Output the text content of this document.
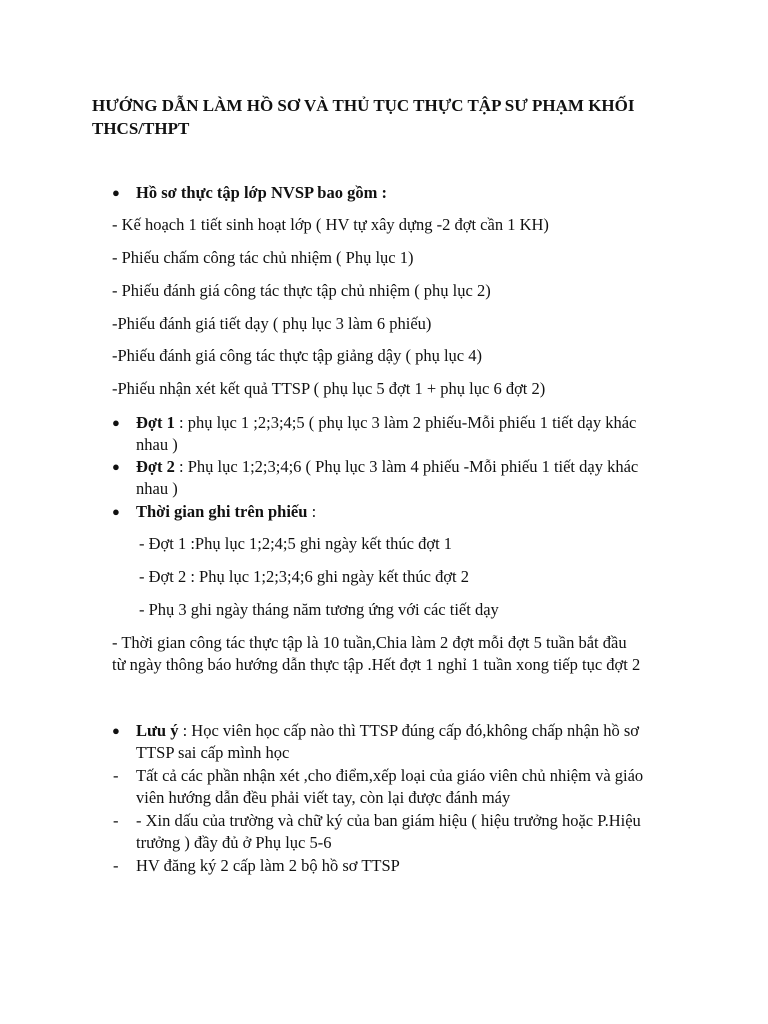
HƯỚNG DẪN LÀM HỒ SƠ VÀ THỦ TỤC THỰC TẬP SƯ PHẠM KHỐI
THCS/THPT
● Hồ sơ thực tập lớp NVSP bao gồm :
- Kế hoạch 1 tiết sinh hoạt lớp ( HV tự xây dựng -2 đợt cần 1 KH)
- Phiếu chấm công tác chủ nhiệm ( Phụ lục 1)
- Phiếu đánh giá công tác thực tập chủ nhiệm ( phụ lục 2)
-Phiếu đánh giá tiết dạy ( phụ lục 3 làm 6 phiếu)
-Phiếu đánh giá công tác thực tập giảng dậy ( phụ lục 4)
-Phiếu nhận xét kết quả TTSP ( phụ lục 5 đợt 1 + phụ lục 6 đợt 2)
● Đợt 1 : phụ lục 1 ;2;3;4;5 ( phụ lục 3 làm 2 phiếu-Mỗi phiếu 1 tiết dạy khác
nhau )
● Đợt 2 : Phụ lục 1;2;3;4;6 ( Phụ lục 3 làm 4 phiếu -Mỗi phiếu 1 tiết dạy khác
nhau )
● Thời gian ghi trên phiếu :
- Đợt 1 :Phụ lục 1;2;4;5 ghi ngày kết thúc đợt 1
- Đợt 2 : Phụ lục 1;2;3;4;6 ghi ngày kết thúc đợt 2
- Phụ 3 ghi ngày tháng năm tương ứng với các tiết dạy
- Thời gian công tác thực tập là 10 tuần,Chia làm 2 đợt mỗi đợt 5 tuần bắt đầu
từ ngày thông báo hướng dẫn thực tập .Hết đợt 1 nghỉ 1 tuần xong tiếp tục đợt 2
● Lưu ý : Học viên học cấp nào thì TTSP đúng cấp đó,không chấp nhận hồ sơ
TTSP sai cấp mình học
- Tất cả các phần nhận xét ,cho điểm,xếp loại của giáo viên chủ nhiệm và giáo
viên hướng dẫn đều phải viết tay, còn lại được đánh máy
- - Xin dấu của trường và chữ ký của ban giám hiệu ( hiệu trưởng hoặc P.Hiệu
trưởng ) đầy đủ ở Phụ lục 5-6
- HV đăng ký 2 cấp làm 2 bộ hồ sơ TTSP
